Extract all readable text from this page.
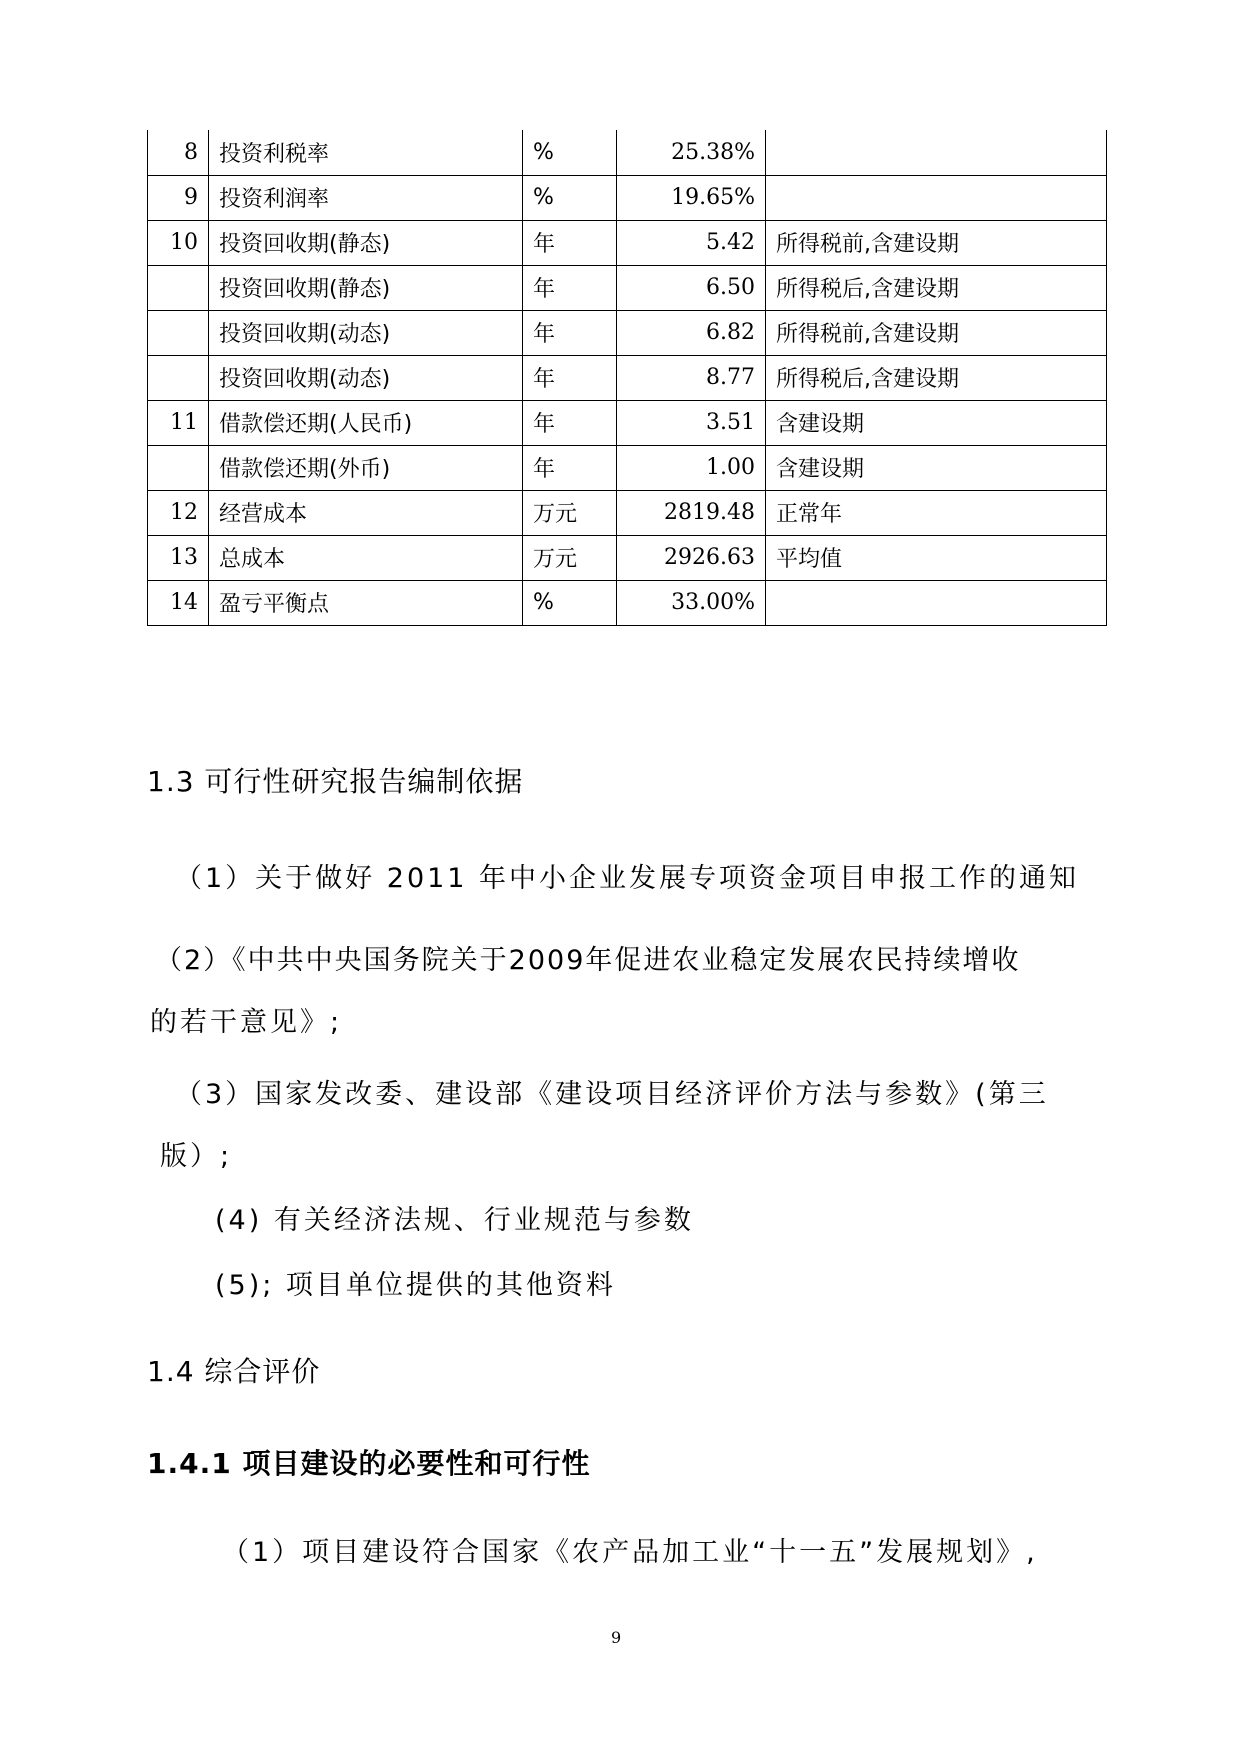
8	投资利税率	%	25.38%	
9	投资利润率	%	19.65%	
10	投资回收期(静态)	年	5.42	所得税前,含建设期
	投资回收期(静态)	年	6.50	所得税后,含建设期
	投资回收期(动态)	年	6.82	所得税前,含建设期
	投资回收期(动态)	年	8.77	所得税后,含建设期
11	借款偿还期(人民币)	年	3.51	含建设期
	借款偿还期(外币)	年	1.00	含建设期
12	经营成本	万元	2819.48	正常年
13	总成本	万元	2926.63	平均值
14	盈亏平衡点	%	33.00%	
1.3 可行性研究报告编制依据

（1）关于做好 2011 年中小企业发展专项资金项目申报工作的通知

（2）《中共中央国务院关于2009年促进农业稳定发展农民持续增收

的若干意见》;

（3）国家发改委、建设部《建设项目经济评价方法与参数》(第三

版）;

(4) 有关经济法规、行业规范与参数

(5); 项目单位提供的其他资料

1.4 综合评价
1.4.1 项目建设的必要性和可行性

（1）项目建设符合国家《农产品加工业“十一五”发展规划》,

9
